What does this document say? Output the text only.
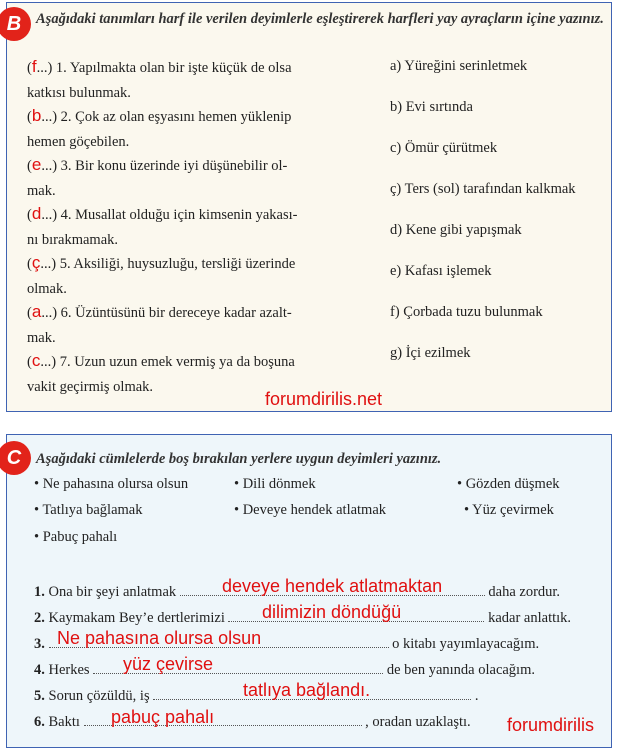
B	Aşağıdaki tanımları harf ile verilen deyimlerle eşleştirerek harfleri yay ayraçların içine yazınız.
(f...) 1. Yapılmakta olan bir işte küçük de olsa
katkısı bulunmak.
(b...) 2. Çok az olan eşyasını hemen yüklenip
hemen göçebilen.
(e...) 3. Bir konu üzerinde iyi düşünebilir ol-
mak.
(d...) 4. Musallat olduğu için kimsenin yakası-
nı bırakmamak.
(ç...) 5. Aksiliği, huysuzluğu, tersliği üzerinde
olmak.
(a...) 6. Üzüntüsünü bir dereceye kadar azalt-
mak.
(c...) 7. Uzun uzun emek vermiş ya da boşuna
vakit geçirmiş olmak.
a) Yüreğini serinletmek
b) Evi sırtında
c) Ömür çürütmek
ç) Ters (sol) tarafından kalkmak
d) Kene gibi yapışmak
e) Kafası işlemek
f) Çorbada tuzu bulunmak
g) İçi ezilmek
forumdirilis.net
C	Aşağıdaki cümlelerde boş bırakılan yerlere uygun deyimleri yazınız.
• Ne pahasına olursa olsun	• Dili dönmek	• Gözden düşmek
• Tatlıya bağlamak	• Deveye hendek atlatmak	• Yüz çevirmek
• Pabuç pahalı
1. Ona bir şeyi anlatmak	daha zordur.
deveye hendek atlatmaktan
2. Kaymakam Bey’e dertlerimizi	kadar anlattık.
dilimizin döndüğü
3.	o kitabı yayımlayacağım.
Ne pahasına olursa olsun
4. Herkes	de ben yanında olacağım.
yüz çevirse
5. Sorun çözüldü, iş	.
tatlıya bağlandı.
6. Baktı	, oradan uzaklaştı.
pabuç pahalı	forumdirilis
